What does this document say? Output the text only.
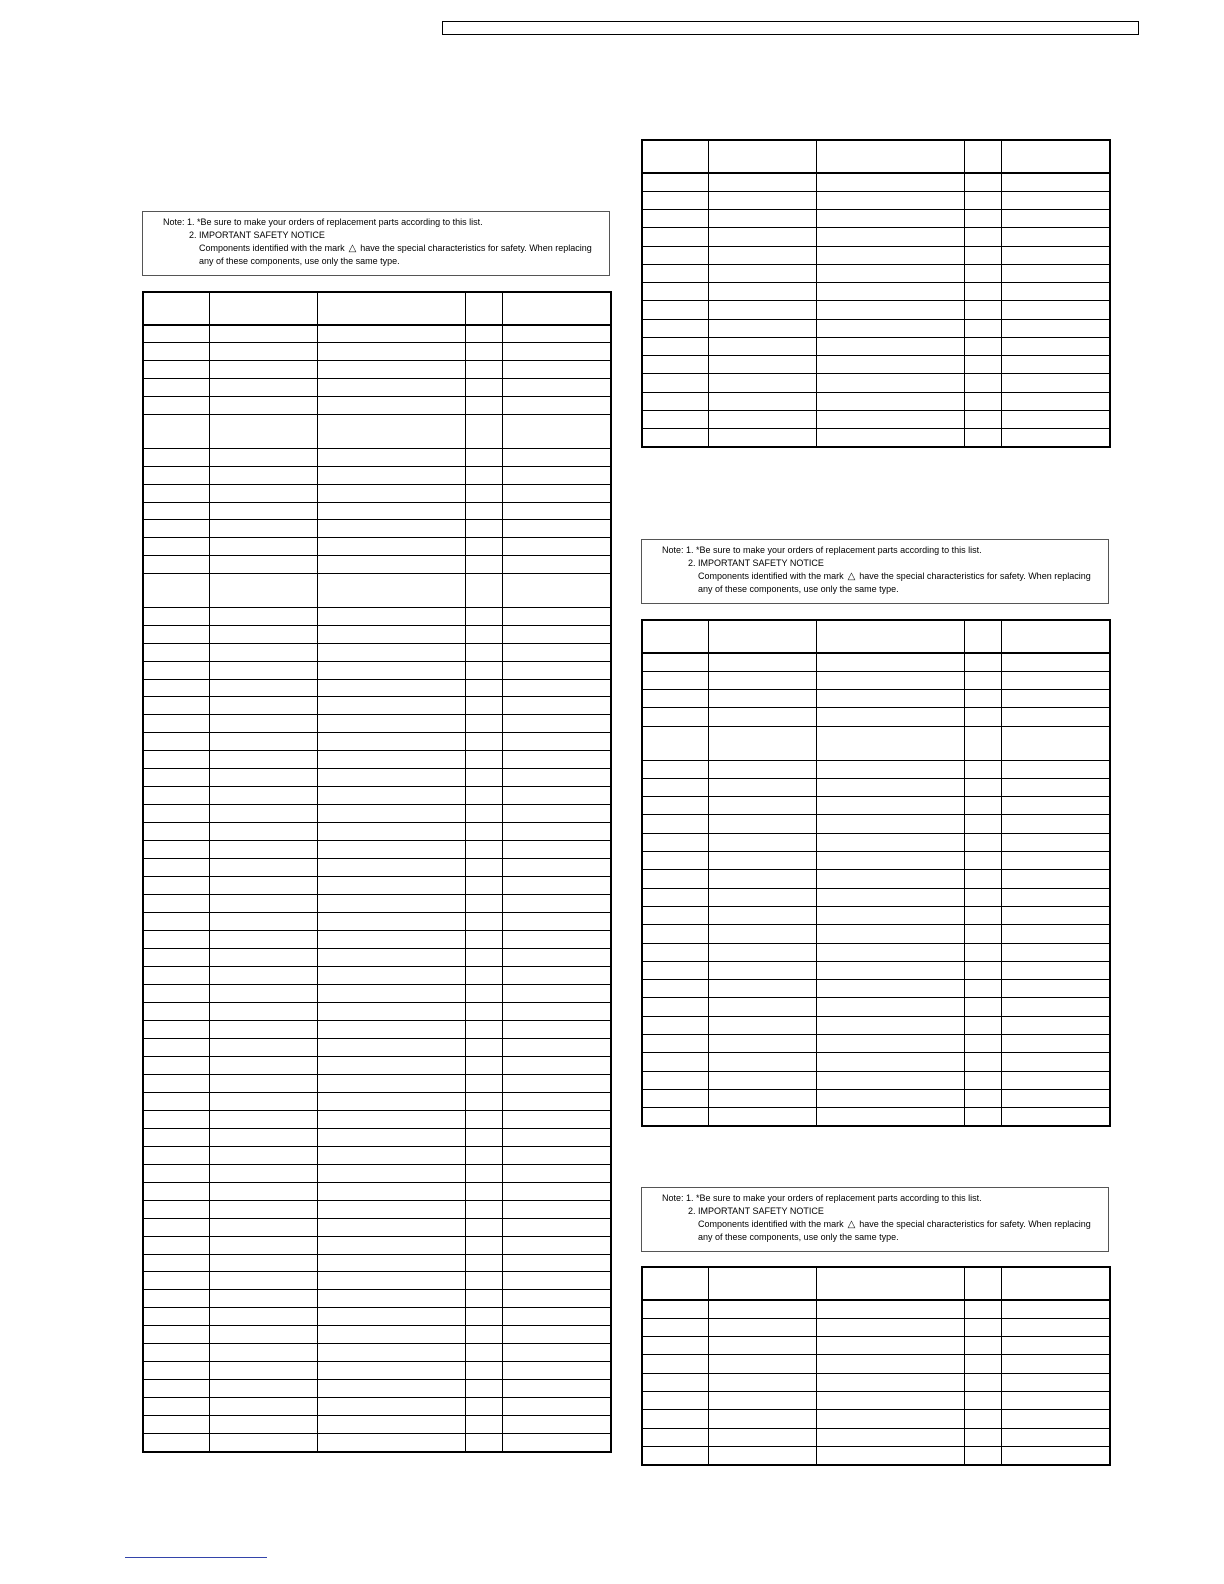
Note: 1. *Be sure to make your orders of replacement parts according to this list.
2. IMPORTANT SAFETY NOTICE
Components identified with the mark △ have the special characteristics for safety. When replacing
any of these components, use only the same type.
Note: 1. *Be sure to make your orders of replacement parts according to this list.
2. IMPORTANT SAFETY NOTICE
Components identified with the mark △ have the special characteristics for safety. When replacing
any of these components, use only the same type.
Note: 1. *Be sure to make your orders of replacement parts according to this list.
2. IMPORTANT SAFETY NOTICE
Components identified with the mark △ have the special characteristics for safety. When replacing
any of these components, use only the same type.
